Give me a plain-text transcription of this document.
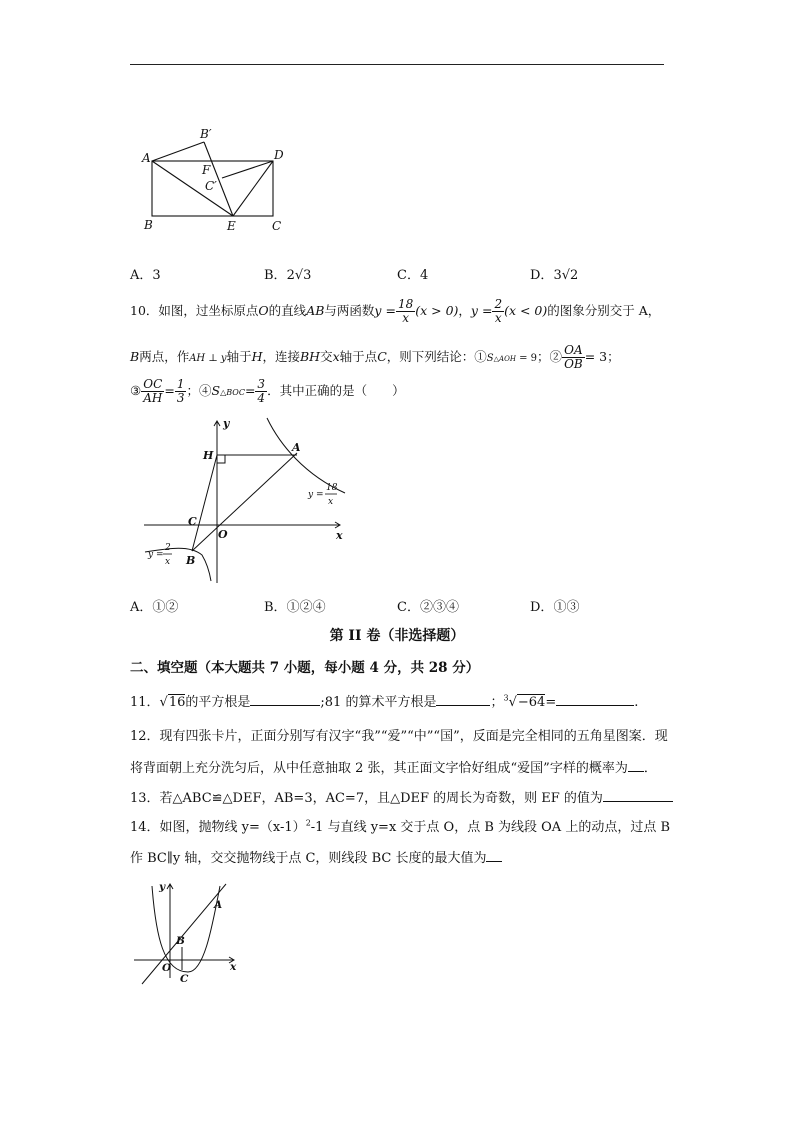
A
B′
D
F
C′
B	E	C
A．3	B．2√3	C．4	D．3√2
10．如图，过坐标原点O的直线AB与两函数$y = \frac{18}{x} (x > 0)$，$y = \frac{2}{x} (x < 0)$的图象分别交于 A，
B两点，作AH ⊥ y轴于H，连接BH交x轴于点C，则下列结论：①S△AOH = 9；② $\frac{OA}{OB} = 3$；
③ $\frac{OC}{AH} = \frac{1}{3}$ ；④S△BOC= $\frac{3}{4}$ ．其中正确的是（　　）
y
H
A
C
O	x
B
y =
18
x
y =
2
x
A．①②	B．①②④	C．②③④	D．①③
第 II 卷（非选择题）
二、填空题（本大题共 7 小题，每小题 4 分，共 28 分）
11．√16的平方根是	;81 的算术平方根是	；$^3$√−64=	.
12．现有四张卡片，正面分别写有汉字“我”“爱”“中”“国”，反面是完全相同的五角星图案．现
将背面朝上充分洗匀后，从中任意抽取 2 张，其正面文字恰好组成“爱国”字样的概率为 ．
13．若△ABC≌△DEF，AB=3，AC=7，且△DEF 的周长为奇数，则 EF 的值为
14．如图，抛物线 $y=(x-1)^2-1$ 与直线 y=x 交于点 O，点 B 为线段 OA 上的动点，过点 B
作 BC∥y 轴，交交抛物线于点 C，则线段 BC 长度的最大值为
y
A
B
O
C
x
